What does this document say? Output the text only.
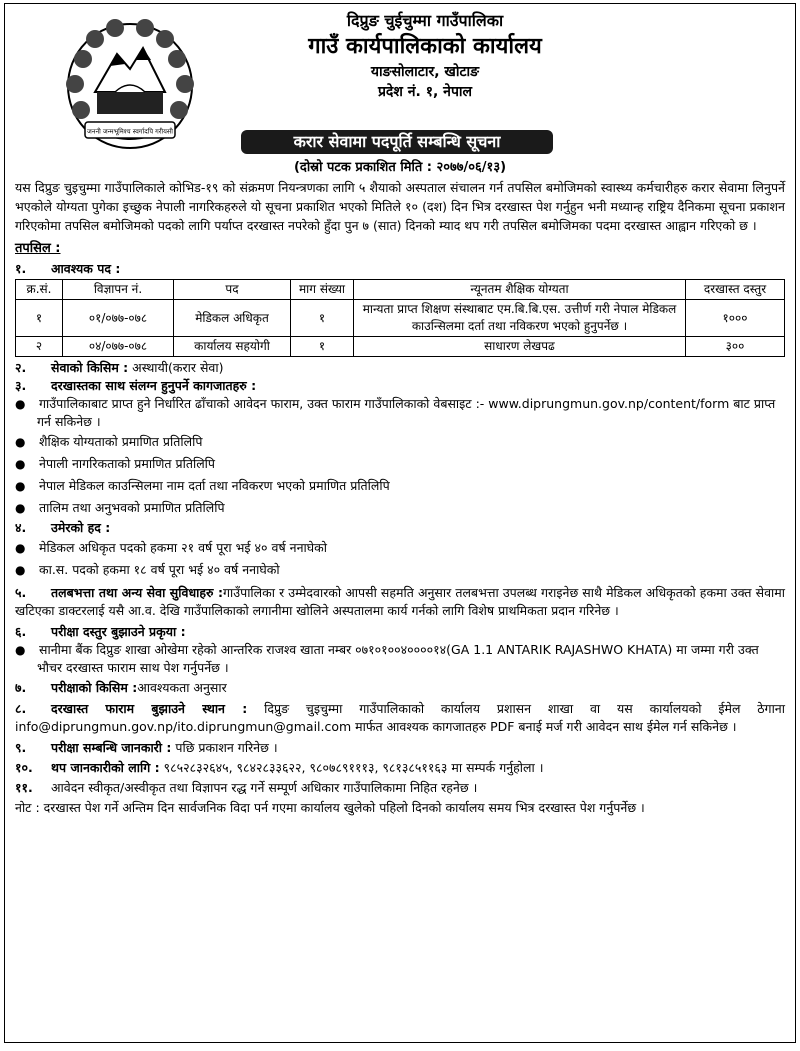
जननी जन्मभूमिश्च स्वर्गादपि गरीयसी
दिप्रुङ चुईचुम्मा गाउँपालिका
गाउँ कार्यपालिकाको कार्यालय
याङसोलाटार, खोटाङ
प्रदेश नं. १, नेपाल
करार सेवामा पदपूर्ति सम्बन्धि सूचना
(दोस्रो पटक प्रकाशित मिति : २०७७/०६/१३)

यस दिप्रुङ चुइचुम्मा गाउँपालिकाले कोभिड-१९ को संक्रमण नियन्त्रणका लागि ५ शैयाको अस्पताल संचालन गर्न तपसिल बमोजिमको स्वास्थ्य कर्मचारीहरु करार सेवामा लिनुपर्ने भएकोले योग्यता पुगेका इच्छुक नेपाली नागरिकहरुले यो सूचना प्रकाशित भएको मितिले १० (दश) दिन भित्र दरखास्त पेश गर्नुहुन भनी मध्यान्ह राष्ट्रिय दैनिकमा सूचना प्रकाशन गरिएकोमा तपसिल बमोजिमको पदको लागि पर्याप्त दरखास्त नपरेको हुँदा पुन ७ (सात) दिनको म्याद थप गरी तपसिल बमोजिमका पदमा दरखास्त आह्वान गरिएको छ ।

तपसिल :
१. आवश्यक पद :
क्र.सं.	विज्ञापन नं.	पद	माग संख्या	न्यूनतम शैक्षिक योग्यता	दरखास्त दस्तुर
१	०१/०७७-०७८	मेडिकल अधिकृत	१	मान्यता प्राप्त शिक्षण संस्थाबाट एम.बि.बि.एस. उत्तीर्ण गरी नेपाल मेडिकल काउन्सिलमा दर्ता तथा नविकरण भएको हुनुपर्नेछ ।	१०००
२	०४/०७७-०७८	कार्यालय सहयोगी	१	साधारण लेखपढ	३००
२. सेवाको किसिम : अस्थायी(करार सेवा)
३. दरखास्तका साथ संलग्न हुनुपर्ने कागजातहरु :
● गाउँपालिकाबाट प्राप्त हुने निर्धारित ढाँचाको आवेदन फाराम, उक्त फाराम गाउँपालिकाको वेबसाइट :- www.diprungmun.gov.np/content/form बाट प्राप्त गर्न सकिनेछ ।
● शैक्षिक योग्यताको प्रमाणित प्रतिलिपि
● नेपाली नागरिकताको प्रमाणित प्रतिलिपि
● नेपाल मेडिकल काउन्सिलमा नाम दर्ता तथा नविकरण भएको प्रमाणित प्रतिलिपि
● तालिम तथा अनुभवको प्रमाणित प्रतिलिपि
४. उमेरको हद :
● मेडिकल अधिकृत पदको हकमा २१ वर्ष पूरा भई ४० वर्ष ननाघेको
● का.स. पदको हकमा १८ वर्ष पूरा भई ४० वर्ष ननाघेको
५. तलबभत्ता तथा अन्य सेवा सुविधाहरु :गाउँपालिका र उम्मेदवारको आपसी सहमति अनुसार तलबभत्ता उपलब्ध गराइनेछ साथै मेडिकल अधिकृतको हकमा उक्त सेवामा खटिएका डाक्टरलाई यसै आ.व. देखि गाउँपालिकाको लगानीमा खोलिने अस्पतालमा कार्य गर्नको लागि विशेष प्राथमिकता प्रदान गरिनेछ ।
६. परीक्षा दस्तुर बुझाउने प्रकृया :
● सानीमा बैंक दिप्रुङ शाखा ओखेमा रहेको आन्तरिक राजश्व खाता नम्बर ०७१०१००४००००१४(GA 1.1 ANTARIK RAJASHWO KHATA) मा जम्मा गरी उक्त भौचर दरखास्त फाराम साथ पेश गर्नुपर्नेछ ।
७. परीक्षाको किसिम :आवश्यकता अनुसार
८. दरखास्त फाराम बुझाउने स्थान : दिप्रुङ चुइचुम्मा गाउँपालिकाको कार्यालय प्रशासन शाखा वा यस कार्यालयको ईमेल ठेगाना info@diprungmun.gov.np/ito.diprungmun@gmail.com मार्फत आवश्यक कागजातहरु PDF बनाई मर्ज गरी आवेदन साथ ईमेल गर्न सकिनेछ ।
९. परीक्षा सम्बन्धि जानकारी : पछि प्रकाशन गरिनेछ ।
१०. थप जानकारीको लागि : ९८५२८३२६४५, ९८४२८३३६२२, ९८०७८९१११३, ९८१३८५११६३ मा सम्पर्क गर्नुहोला ।
११. आवेदन स्वीकृत/अस्वीकृत तथा विज्ञापन रद्ध गर्ने सम्पूर्ण अधिकार गाउँपालिकामा निहित रहनेछ ।
नोट : दरखास्त पेश गर्ने अन्तिम दिन सार्वजनिक विदा पर्न गएमा कार्यालय खुलेको पहिलो दिनको कार्यालय समय भित्र दरखास्त पेश गर्नुपर्नेछ ।
